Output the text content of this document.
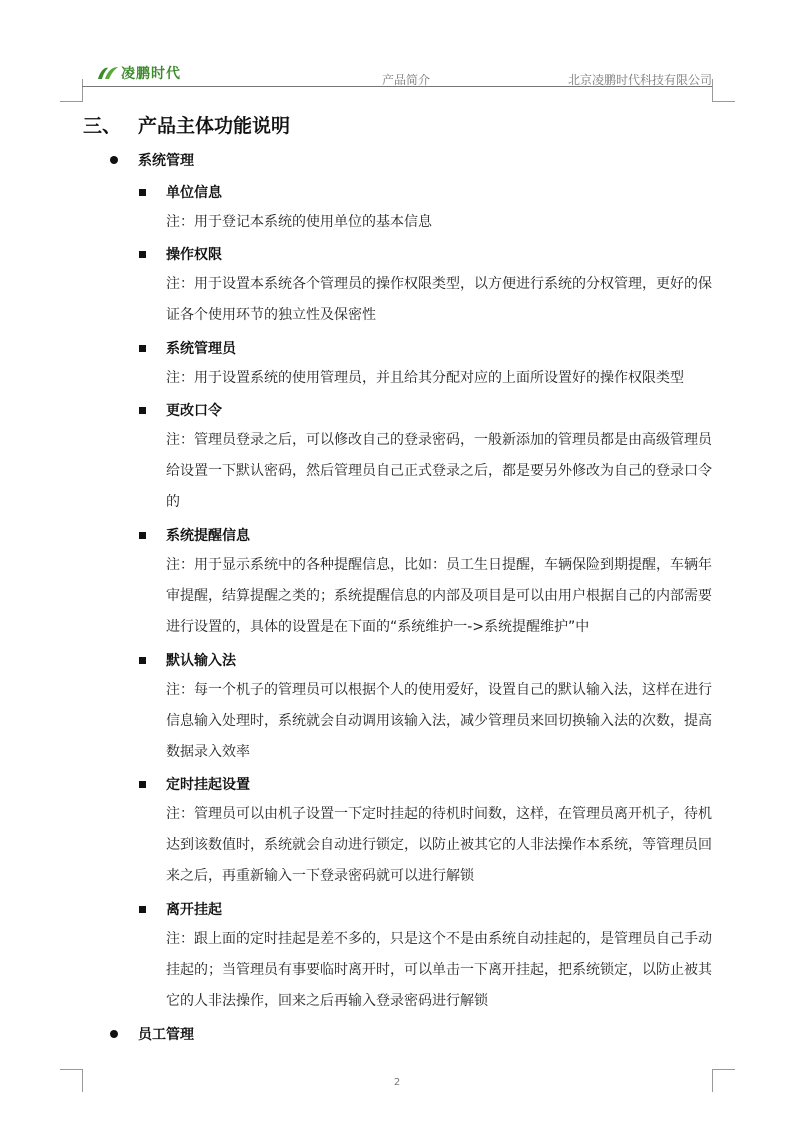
凌鹏时代	产品简介	北京凌鹏时代科技有限公司
三、 产品主体功能说明
系统管理
单位信息

注：用于登记本系统的使用单位的基本信息

操作权限

注：用于设置本系统各个管理员的操作权限类型，以方便进行系统的分权管理，更好的保证各个使用环节的独立性及保密性

系统管理员

注：用于设置系统的使用管理员，并且给其分配对应的上面所设置好的操作权限类型

更改口令

注：管理员登录之后，可以修改自己的登录密码，一般新添加的管理员都是由高级管理员给设置一下默认密码，然后管理员自己正式登录之后，都是要另外修改为自己的登录口令的

系统提醒信息

注：用于显示系统中的各种提醒信息，比如：员工生日提醒，车辆保险到期提醒，车辆年审提醒，结算提醒之类的；系统提醒信息的内部及项目是可以由用户根据自己的内部需要进行设置的，具体的设置是在下面的“系统维护一->系统提醒维护”中

默认输入法

注：每一个机子的管理员可以根据个人的使用爱好，设置自己的默认输入法，这样在进行信息输入处理时，系统就会自动调用该输入法，减少管理员来回切换输入法的次数，提高数据录入效率

定时挂起设置

注：管理员可以由机子设置一下定时挂起的待机时间数，这样，在管理员离开机子，待机达到该数值时，系统就会自动进行锁定，以防止被其它的人非法操作本系统，等管理员回来之后，再重新输入一下登录密码就可以进行解锁

离开挂起

注：跟上面的定时挂起是差不多的，只是这个不是由系统自动挂起的，是管理员自己手动挂起的；当管理员有事要临时离开时，可以单击一下离开挂起，把系统锁定，以防止被其它的人非法操作，回来之后再输入登录密码进行解锁

员工管理
2
